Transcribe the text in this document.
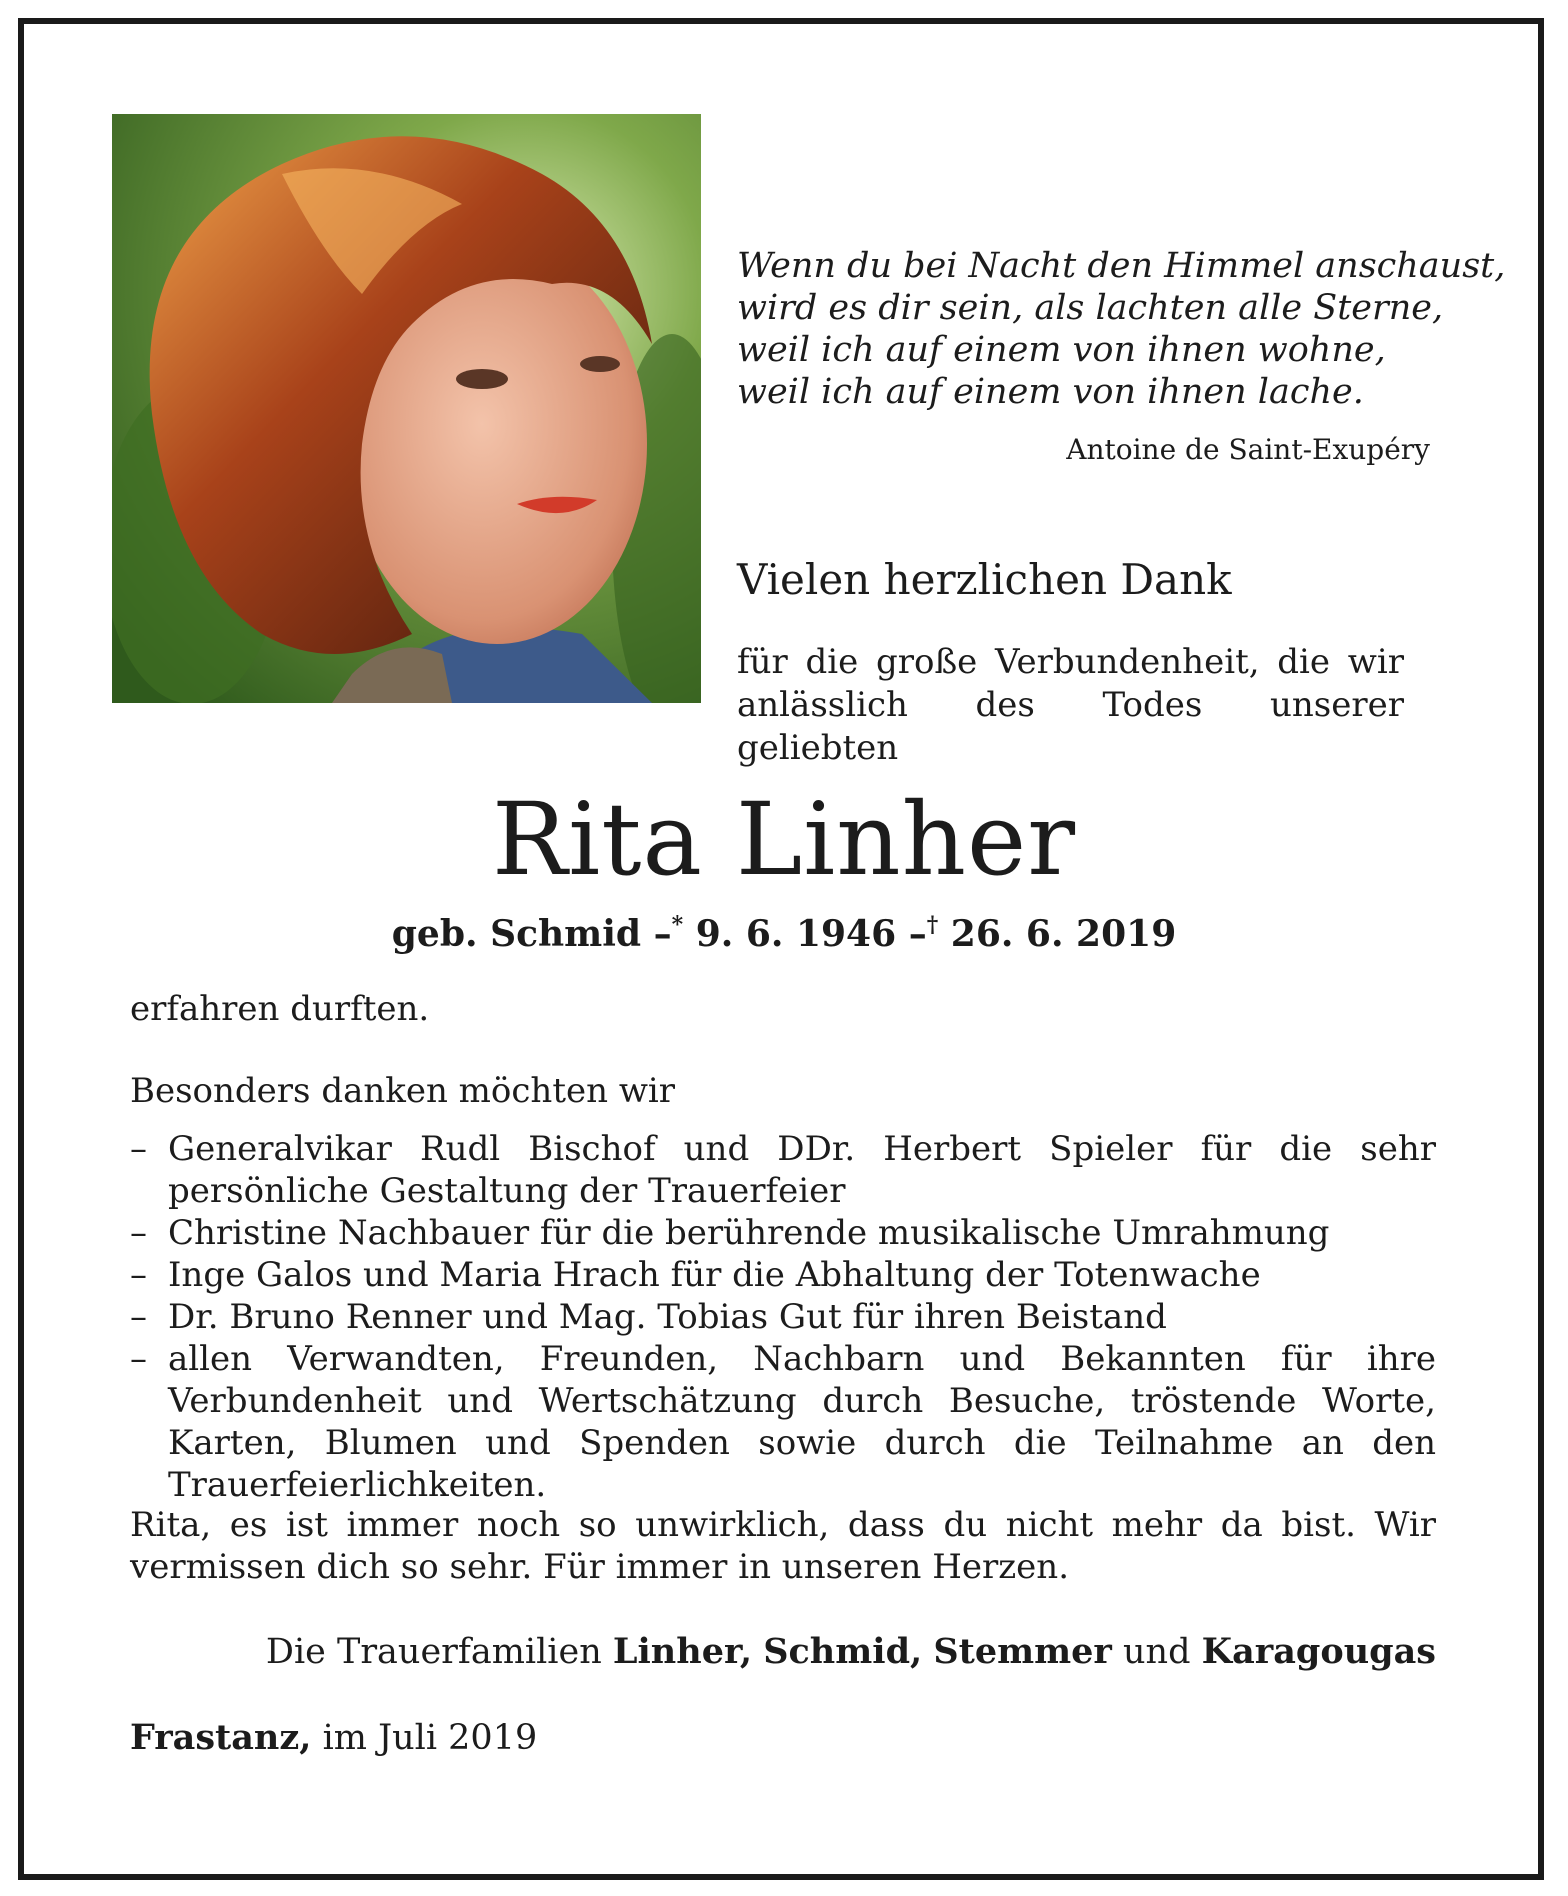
Wenn du bei Nacht den Himmel anschaust,
wird es dir sein, als lachten alle Sterne,
weil ich auf einem von ihnen wohne,
weil ich auf einem von ihnen lache.
Antoine de Saint-Exupéry
Vielen herzlichen Dank
für die große Verbundenheit, die wir anlässlich des Todes unserer geliebten
Rita Linher
geb. Schmid –* 9. 6. 1946 –† 26. 6. 2019
erfahren durften.
Besonders danken möchten wir
– Generalvikar Rudl Bischof und DDr. Herbert Spieler für die sehr persönliche Gestaltung der Trauerfeier
– Christine Nachbauer für die berührende musikalische Umrahmung
– Inge Galos und Maria Hrach für die Abhaltung der Totenwache
– Dr. Bruno Renner und Mag. Tobias Gut für ihren Beistand
– allen Verwandten, Freunden, Nachbarn und Bekannten für ihre Verbundenheit und Wertschätzung durch Besuche, tröstende Worte, Karten, Blumen und Spenden sowie durch die Teilnahme an den Trauerfeierlichkeiten.
Rita, es ist immer noch so unwirklich, dass du nicht mehr da bist. Wir vermissen dich so sehr. Für immer in unseren Herzen.
Die Trauerfamilien Linher, Schmid, Stemmer und Karagougas
Frastanz, im Juli 2019
